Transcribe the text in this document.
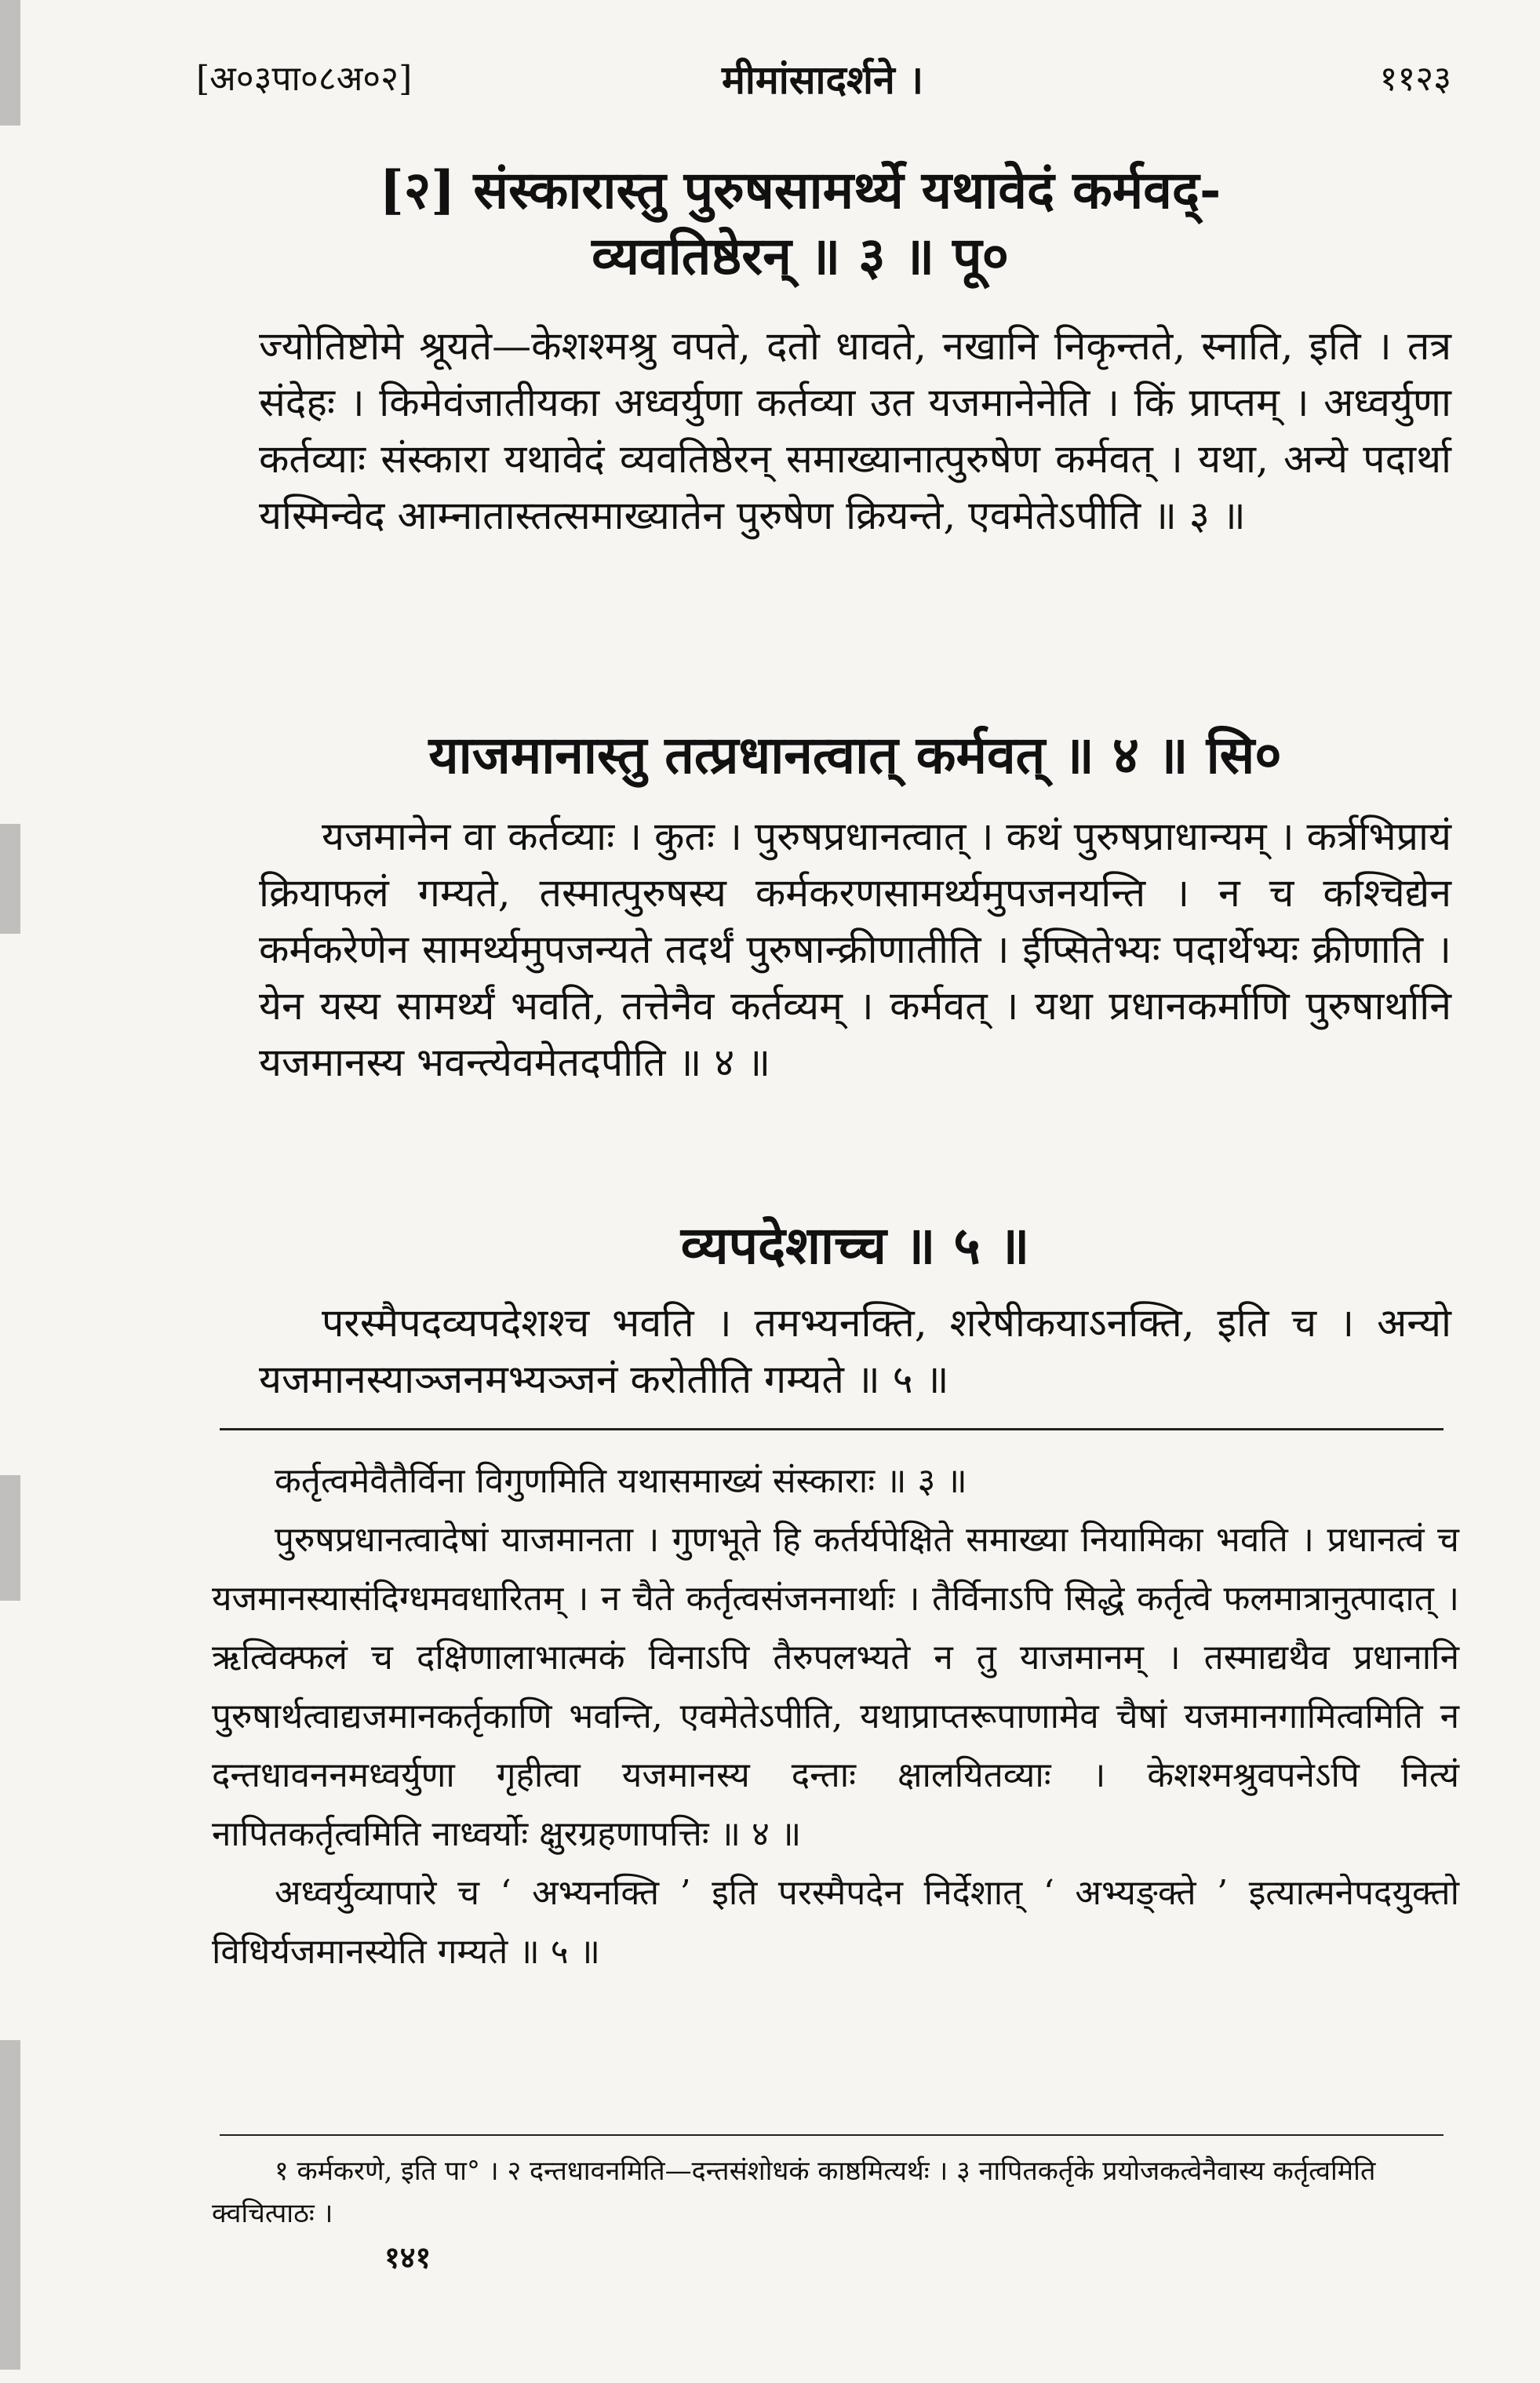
[अ०३पा०८अ०२]	मीमांसादर्शने ।	११२३

[२] संस्कारास्तु पुरुषसामर्थ्ये यथावेदं कर्मवद्-

व्यवतिष्ठेरन् ॥ ३ ॥ पू०

ज्योतिष्टोमे श्रूयते—केशश्मश्रु वपते, दतो धावते, नखानि निकृन्तते, स्नाति, इति । तत्र संदेहः । किमेवंजातीयका अध्वर्युणा कर्तव्या उत यजमानेनेति । किं प्राप्तम् । अध्वर्युणा कर्तव्याः संस्कारा यथावेदं व्यवतिष्ठेरन् समाख्यानात्पुरुषेण कर्मवत् । यथा, अन्ये पदार्था यस्मिन्वेद आम्नातास्तत्समाख्यातेन पुरुषेण क्रियन्ते, एवमेतेऽपीति ॥ ३ ॥

याजमानास्तु तत्प्रधानत्वात् कर्मवत् ॥ ४ ॥ सि०

यजमानेन वा कर्तव्याः । कुतः । पुरुषप्रधानत्वात् । कथं पुरुषप्राधान्यम् । कर्त्रभिप्रायं क्रियाफलं गम्यते, तस्मात्पुरुषस्य कर्मकरणसामर्थ्यमुपजनयन्ति । न च कश्चिद्येन कर्मकरेणेन सामर्थ्यमुपजन्यते तदर्थं पुरुषान्क्रीणातीति । ईप्सितेभ्यः पदार्थेभ्यः क्रीणाति । येन यस्य सामर्थ्यं भवति, तत्तेनैव कर्तव्यम् । कर्मवत् । यथा प्रधानकर्माणि पुरुषार्थानि यजमानस्य भवन्त्येवमेतदपीति ॥ ४ ॥

व्यपदेशाच्च ॥ ५ ॥

परस्मैपदव्यपदेशश्च भवति । तमभ्यनक्ति, शरेषीकयाऽनक्ति, इति च । अन्यो यजमानस्याञ्जनमभ्यञ्जनं करोतीति गम्यते ॥ ५ ॥

कर्तृत्वमेवैतैर्विना विगुणमिति यथासमाख्यं संस्काराः ॥ ३ ॥

पुरुषप्रधानत्वादेषां याजमानता । गुणभूते हि कर्तर्यपेक्षिते समाख्या नियामिका भवति । प्रधानत्वं च यजमानस्यासंदिग्धमवधारितम् । न चैते कर्तृत्वसंजननार्थाः । तैर्विनाऽपि सिद्धे कर्तृत्वे फलमात्रानुत्पादात् । ऋत्विक्फलं च दक्षिणालाभात्मकं विनाऽपि तैरुपलभ्यते न तु याजमानम् । तस्माद्यथैव प्रधानानि पुरुषार्थत्वाद्यजमानकर्तृकाणि भवन्ति, एवमेतेऽपीति, यथाप्राप्तरूपाणामेव चैषां यजमानगामित्वमिति न दन्तधावननमध्वर्युणा गृहीत्वा यजमानस्य दन्ताः क्षालयितव्याः । केशश्मश्रुवपनेऽपि नित्यं नापितकर्तृत्वमिति नाध्वर्योः क्षुरग्रहणापत्तिः ॥ ४ ॥

अध्वर्युव्यापारे च ‘ अभ्यनक्ति ’ इति परस्मैपदेन निर्देशात् ‘ अभ्यङ्क्ते ’ इत्यात्मनेपदयुक्तो विधिर्यजमानस्येति गम्यते ॥ ५ ॥

१ कर्मकरणे, इति पा° । २ दन्तधावनमिति—दन्तसंशोधकं काष्ठमित्यर्थः । ३ नापितकर्तृके प्रयोजकत्वेनैवास्य कर्तृत्वमिति क्वचित्पाठः ।

१४१
